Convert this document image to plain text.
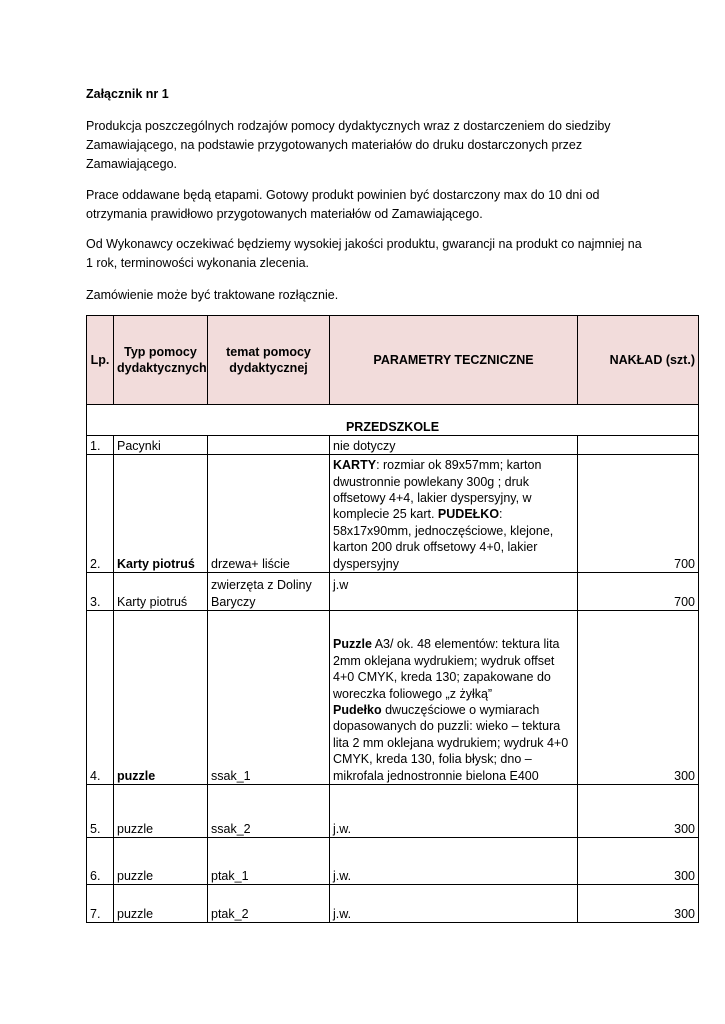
Załącznik nr 1
Produkcja poszczególnych rodzajów pomocy dydaktycznych wraz z dostarczeniem do siedziby Zamawiającego, na podstawie przygotowanych materiałów do druku dostarczonych przez Zamawiającego.
Prace oddawane będą etapami. Gotowy produkt powinien być dostarczony max do 10 dni od otrzymania prawidłowo przygotowanych materiałów od Zamawiającego.
Od Wykonawcy oczekiwać będziemy wysokiej jakości produktu, gwarancji na produkt co najmniej na 1 rok, terminowości wykonania zlecenia.
Zamówienie może być traktowane rozłącznie.
Lp.	Typ pomocy dydaktycznych	temat pomocy dydaktycznej	PARAMETRY TECZNICZNE	NAKŁAD (szt.)
PRZEDSZKOLE				
1.	Pacynki		nie dotyczy	
2.	Karty piotruś	drzewa+ liście	KARTY: rozmiar ok 89x57mm; karton dwustronnie powlekany 300g ; druk offsetowy 4+4, lakier dyspersyjny, w komplecie 25 kart. PUDEŁKO: 58x17x90mm, jednoczęściowe, klejone, karton 200 druk offsetowy 4+0, lakier dyspersyjny	700
3.	Karty piotruś	zwierzęta z Doliny Baryczy	j.w	700
4.	puzzle	ssak_1	Puzzle A3/ ok. 48 elementów: tektura lita 2mm oklejana wydrukiem; wydruk offset 4+0 CMYK, kreda 130; zapakowane do woreczka foliowego „z żyłką”
Pudełko dwuczęściowe o wymiarach dopasowanych do puzzli: wieko – tektura lita 2 mm oklejana wydrukiem; wydruk 4+0 CMYK, kreda 130, folia błysk; dno – mikrofala jednostronnie bielona E400	300
5.	puzzle	ssak_2	j.w.	300
6.	puzzle	ptak_1	j.w.	300
7.	puzzle	ptak_2	j.w.	300
